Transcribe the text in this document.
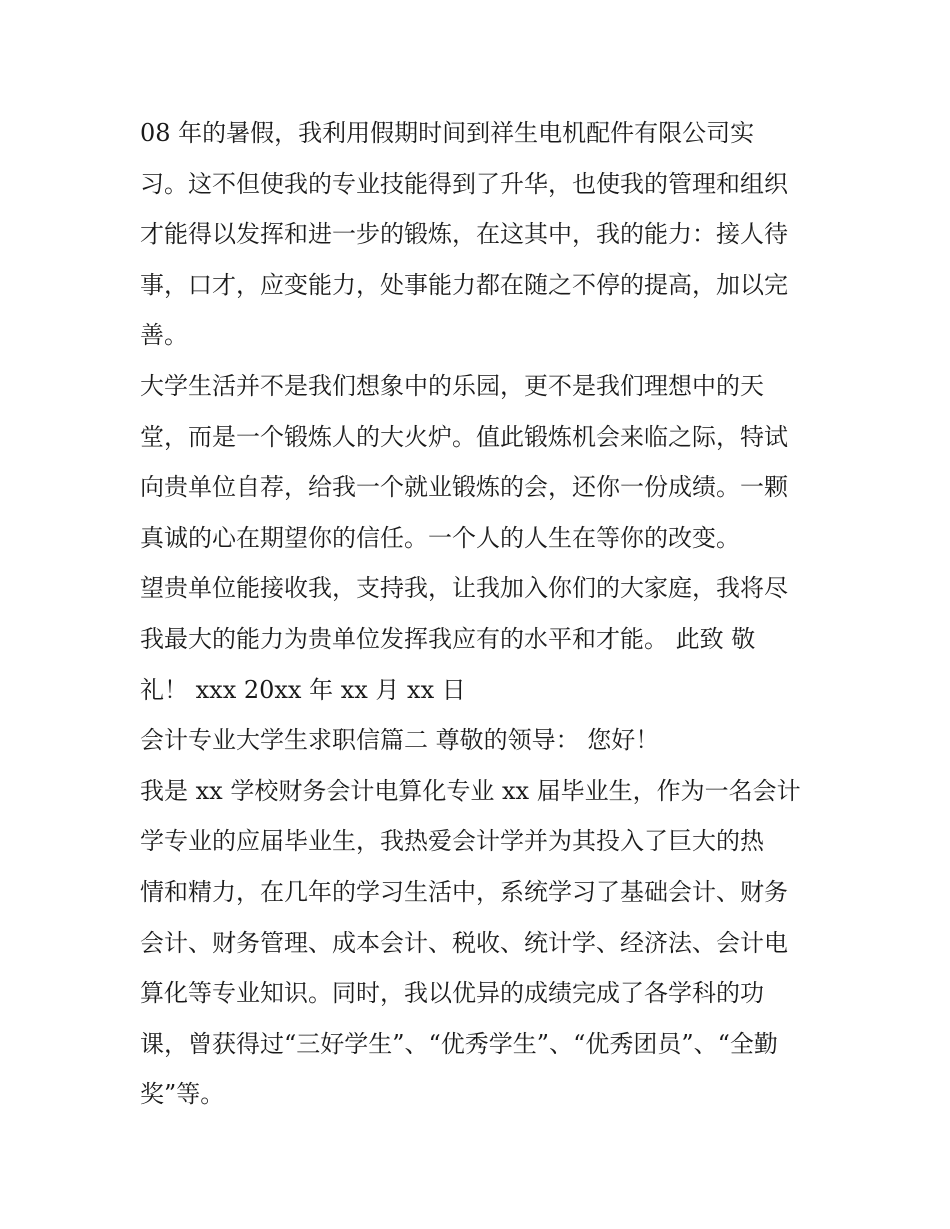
08 年的暑假，我利用假期时间到祥生电机配件有限公司实
习。这不但使我的专业技能得到了升华，也使我的管理和组织
才能得以发挥和进一步的锻炼，在这其中，我的能力：接人待
事，口才，应变能力，处事能力都在随之不停的提高，加以完
善。
大学生活并不是我们想象中的乐园，更不是我们理想中的天
堂，而是一个锻炼人的大火炉。值此锻炼机会来临之际，特试
向贵单位自荐，给我一个就业锻炼的会，还你一份成绩。一颗
真诚的心在期望你的信任。一个人的人生在等你的改变。
望贵单位能接收我，支持我，让我加入你们的大家庭，我将尽
我最大的能力为贵单位发挥我应有的水平和才能。 此致 敬
礼！ xxx 20xx 年 xx 月 xx 日
会计专业大学生求职信篇二 尊敬的领导： 您好！
我是 xx 学校财务会计电算化专业 xx 届毕业生，作为一名会计
学专业的应届毕业生，我热爱会计学并为其投入了巨大的热
情和精力，在几年的学习生活中，系统学习了基础会计、财务
会计、财务管理、成本会计、税收、统计学、经济法、会计电
算化等专业知识。同时，我以优异的成绩完成了各学科的功
课，曾获得过“三好学生”、“优秀学生”、“优秀团员”、“全勤
奖”等。
